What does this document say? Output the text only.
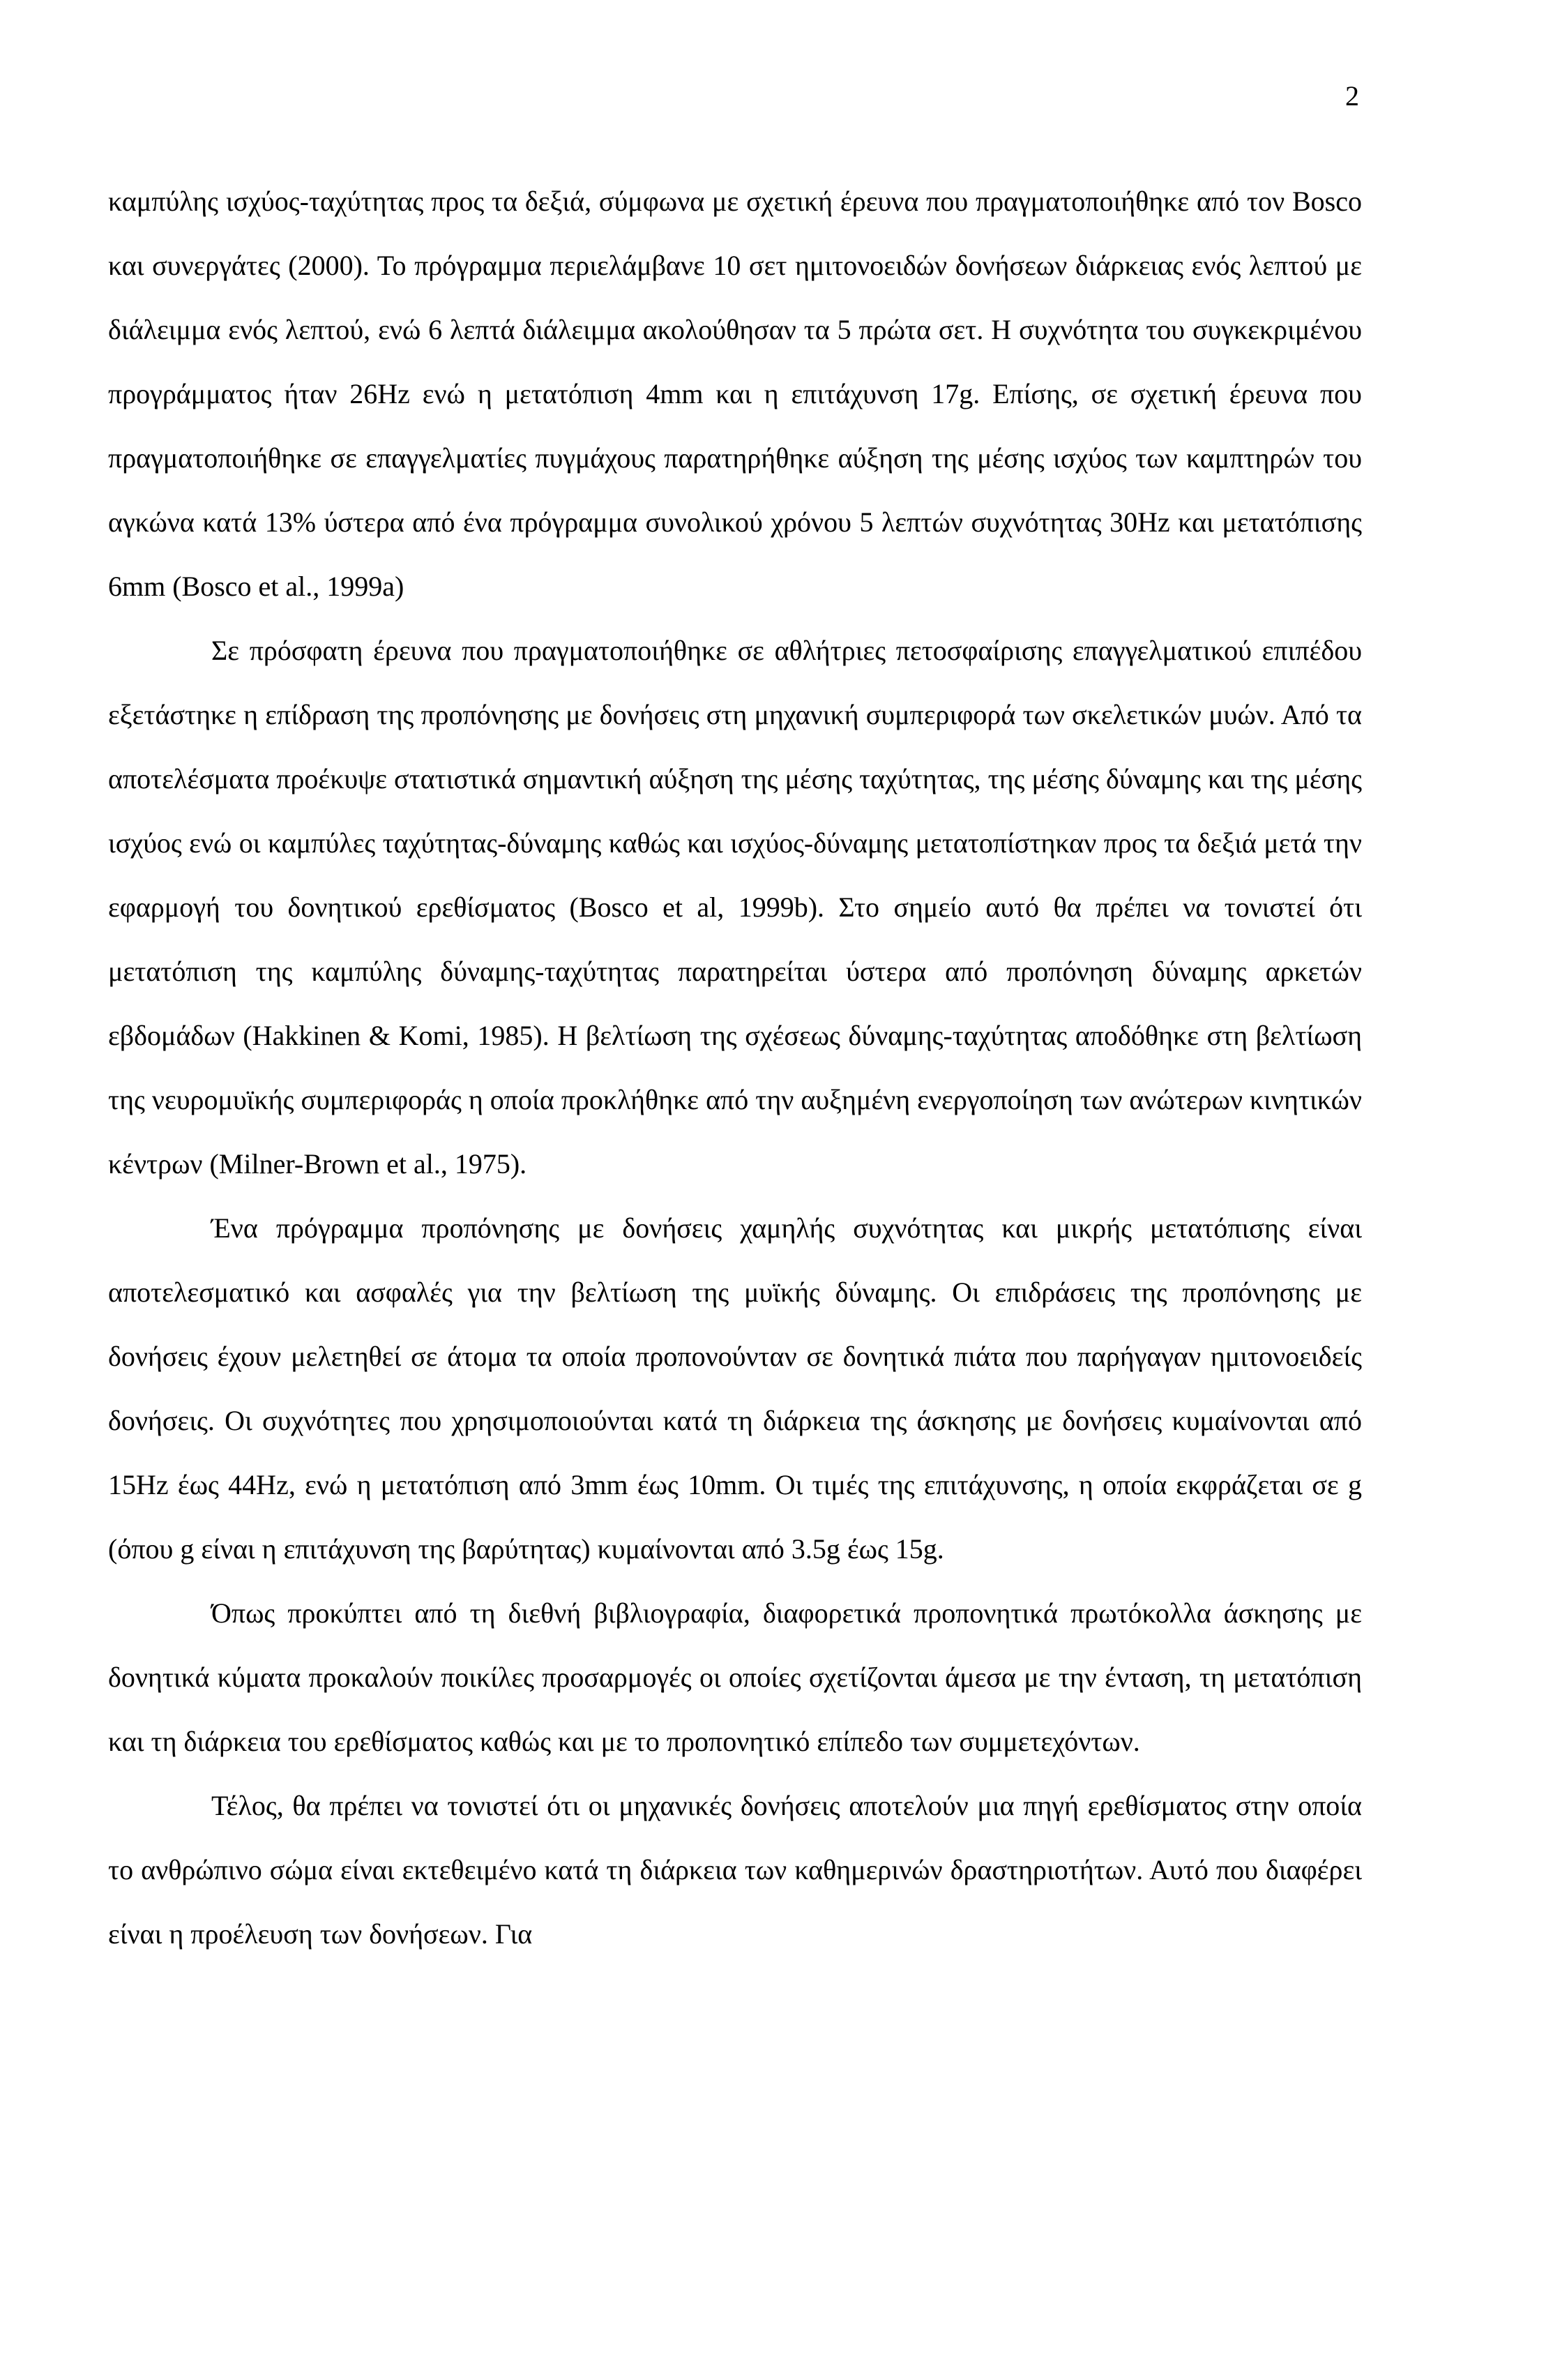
2

καμπύλης ισχύος-ταχύτητας προς τα δεξιά, σύμφωνα με σχετική έρευνα που πραγματοποιήθηκε από τον Bosco και συνεργάτες (2000). Το πρόγραμμα περιελάμβανε 10 σετ ημιτονοειδών δονήσεων διάρκειας ενός λεπτού με διάλειμμα ενός λεπτού, ενώ 6 λεπτά διάλειμμα ακολούθησαν τα 5 πρώτα σετ. Η συχνότητα του συγκεκριμένου προγράμματος ήταν 26Hz ενώ η μετατόπιση 4mm και η επιτάχυνση 17g. Επίσης, σε σχετική έρευνα που πραγματοποιήθηκε σε επαγγελματίες πυγμάχους παρατηρήθηκε αύξηση της μέσης ισχύος των καμπτηρών του αγκώνα κατά 13% ύστερα από ένα πρόγραμμα συνολικού χρόνου 5 λεπτών συχνότητας 30Hz και μετατόπισης 6mm (Bosco et al., 1999a)

Σε πρόσφατη έρευνα που πραγματοποιήθηκε σε αθλήτριες πετοσφαίρισης επαγγελματικού επιπέδου εξετάστηκε η επίδραση της προπόνησης με δονήσεις στη μηχανική συμπεριφορά των σκελετικών μυών. Από τα αποτελέσματα προέκυψε στατιστικά σημαντική αύξηση της μέσης ταχύτητας, της μέσης δύναμης και της μέσης ισχύος ενώ οι καμπύλες ταχύτητας-δύναμης καθώς και ισχύος-δύναμης μετατοπίστηκαν προς τα δεξιά μετά την εφαρμογή του δονητικού ερεθίσματος (Bosco et al, 1999b). Στο σημείο αυτό θα πρέπει να τονιστεί ότι μετατόπιση της καμπύλης δύναμης-ταχύτητας παρατηρείται ύστερα από προπόνηση δύναμης αρκετών εβδομάδων (Hakkinen & Komi, 1985). Η βελτίωση της σχέσεως δύναμης-ταχύτητας αποδόθηκε στη βελτίωση της νευρομυϊκής συμπεριφοράς η οποία προκλήθηκε από την αυξημένη ενεργοποίηση των ανώτερων κινητικών κέντρων (Milner-Brown et al., 1975).

Ένα πρόγραμμα προπόνησης με δονήσεις χαμηλής συχνότητας και μικρής μετατόπισης είναι αποτελεσματικό και ασφαλές για την βελτίωση της μυϊκής δύναμης. Οι επιδράσεις της προπόνησης με δονήσεις έχουν μελετηθεί σε άτομα τα οποία προπονούνταν σε δονητικά πιάτα που παρήγαγαν ημιτονοειδείς δονήσεις. Οι συχνότητες που χρησιμοποιούνται κατά τη διάρκεια της άσκησης με δονήσεις κυμαίνονται από 15Hz έως 44Hz, ενώ η μετατόπιση από 3mm έως 10mm. Οι τιμές της επιτάχυνσης, η οποία εκφράζεται σε g (όπου g είναι η επιτάχυνση της βαρύτητας) κυμαίνονται από 3.5g έως 15g.

Όπως προκύπτει από τη διεθνή βιβλιογραφία, διαφορετικά προπονητικά πρωτόκολλα άσκησης με δονητικά κύματα προκαλούν ποικίλες προσαρμογές οι οποίες σχετίζονται άμεσα με την ένταση, τη μετατόπιση και τη διάρκεια του ερεθίσματος καθώς και με το προπονητικό επίπεδο των συμμετεχόντων.

Τέλος, θα πρέπει να τονιστεί ότι οι μηχανικές δονήσεις αποτελούν μια πηγή ερεθίσματος στην οποία το ανθρώπινο σώμα είναι εκτεθειμένο κατά τη διάρκεια των καθημερινών δραστηριοτήτων. Αυτό που διαφέρει είναι η προέλευση των δονήσεων. Για
